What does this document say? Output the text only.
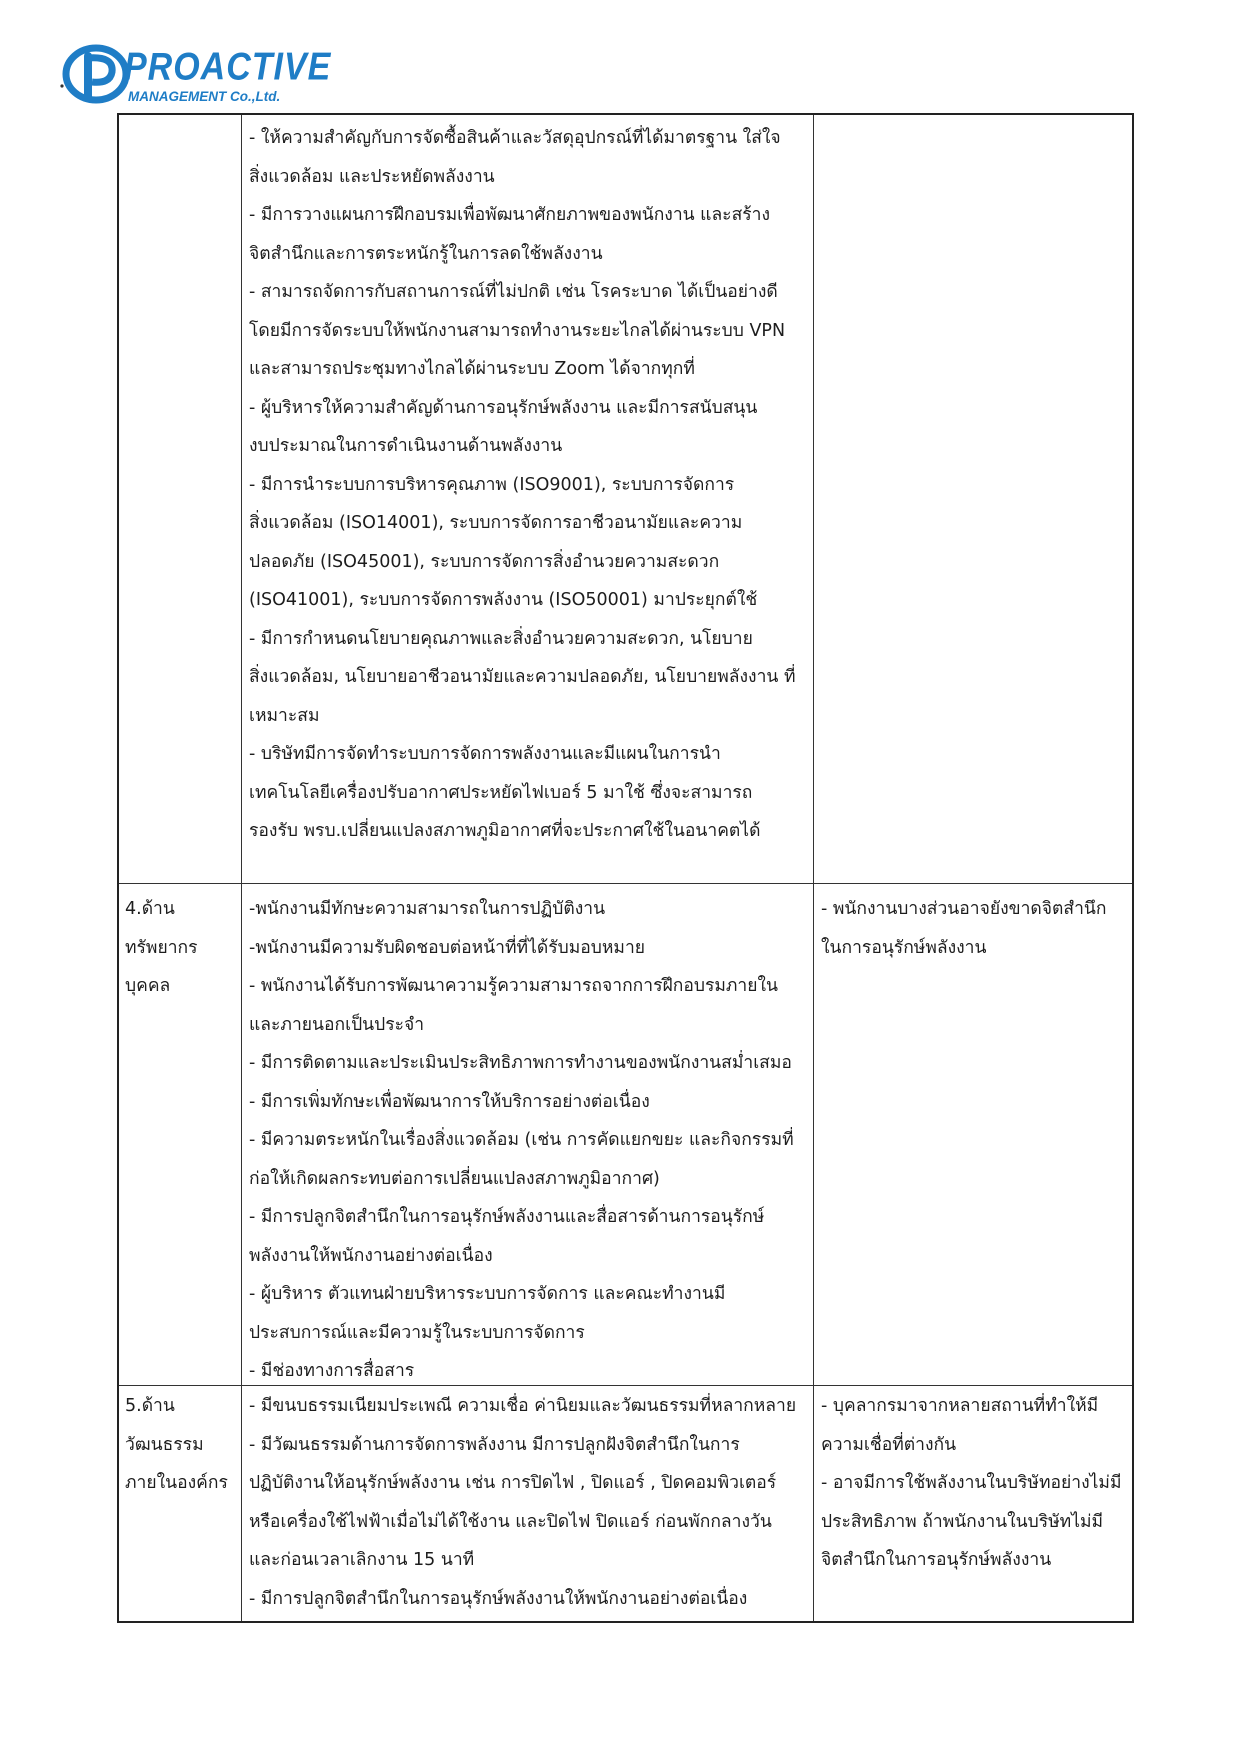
PROACTIVE
MANAGEMENT Co.,Ltd.

- ให้ความสำคัญกับการจัดซื้อสินค้าและวัสดุอุปกรณ์ที่ได้มาตรฐาน ใส่ใจ

สิ่งแวดล้อม และประหยัดพลังงาน

- มีการวางแผนการฝึกอบรมเพื่อพัฒนาศักยภาพของพนักงาน และสร้าง

จิตสำนึกและการตระหนักรู้ในการลดใช้พลังงาน

- สามารถจัดการกับสถานการณ์ที่ไม่ปกติ เช่น โรคระบาด ได้เป็นอย่างดี

โดยมีการจัดระบบให้พนักงานสามารถทำงานระยะไกลได้ผ่านระบบ VPN

และสามารถประชุมทางไกลได้ผ่านระบบ Zoom ได้จากทุกที่

- ผู้บริหารให้ความสำคัญด้านการอนุรักษ์พลังงาน และมีการสนับสนุน

งบประมาณในการดำเนินงานด้านพลังงาน

- มีการนำระบบการบริหารคุณภาพ (ISO9001), ระบบการจัดการ

สิ่งแวดล้อม (ISO14001), ระบบการจัดการอาชีวอนามัยและความ

ปลอดภัย (ISO45001), ระบบการจัดการสิ่งอำนวยความสะดวก

(ISO41001), ระบบการจัดการพลังงาน (ISO50001) มาประยุกต์ใช้

- มีการกำหนดนโยบายคุณภาพและสิ่งอำนวยความสะดวก, นโยบาย

สิ่งแวดล้อม, นโยบายอาชีวอนามัยและความปลอดภัย, นโยบายพลังงาน ที่

เหมาะสม

- บริษัทมีการจัดทำระบบการจัดการพลังงานและมีแผนในการนำ

เทคโนโลยีเครื่องปรับอากาศประหยัดไฟเบอร์ 5 มาใช้ ซึ่งจะสามารถ

รองรับ พรบ.เปลี่ยนแปลงสภาพภูมิอากาศที่จะประกาศใช้ในอนาคตได้

4.ด้าน

ทรัพยากร

บุคคล

-พนักงานมีทักษะความสามารถในการปฏิบัติงาน

-พนักงานมีความรับผิดชอบต่อหน้าที่ที่ได้รับมอบหมาย

- พนักงานได้รับการพัฒนาความรู้ความสามารถจากการฝึกอบรมภายใน

และภายนอกเป็นประจำ

- มีการติดตามและประเมินประสิทธิภาพการทำงานของพนักงานสม่ำเสมอ

- มีการเพิ่มทักษะเพื่อพัฒนาการให้บริการอย่างต่อเนื่อง

- มีความตระหนักในเรื่องสิ่งแวดล้อม (เช่น การคัดแยกขยะ และกิจกรรมที่

ก่อให้เกิดผลกระทบต่อการเปลี่ยนแปลงสภาพภูมิอากาศ)

- มีการปลูกจิตสำนึกในการอนุรักษ์พลังงานและสื่อสารด้านการอนุรักษ์

พลังงานให้พนักงานอย่างต่อเนื่อง

- ผู้บริหาร ตัวแทนฝ่ายบริหารระบบการจัดการ และคณะทำงานมี

ประสบการณ์และมีความรู้ในระบบการจัดการ

- มีช่องทางการสื่อสาร

- พนักงานบางส่วนอาจยังขาดจิตสำนึก

ในการอนุรักษ์พลังงาน

5.ด้าน

วัฒนธรรม

ภายในองค์กร

- มีขนบธรรมเนียมประเพณี ความเชื่อ ค่านิยมและวัฒนธรรมที่หลากหลาย

- มีวัฒนธรรมด้านการจัดการพลังงาน มีการปลูกฝังจิตสำนึกในการ

ปฏิบัติงานให้อนุรักษ์พลังงาน เช่น การปิดไฟ , ปิดแอร์ , ปิดคอมพิวเตอร์

หรือเครื่องใช้ไฟฟ้าเมื่อไม่ได้ใช้งาน และปิดไฟ ปิดแอร์ ก่อนพักกลางวัน

และก่อนเวลาเลิกงาน 15 นาที

- มีการปลูกจิตสำนึกในการอนุรักษ์พลังงานให้พนักงานอย่างต่อเนื่อง

- บุคลากรมาจากหลายสถานที่ทำให้มี

ความเชื่อที่ต่างกัน

- อาจมีการใช้พลังงานในบริษัทอย่างไม่มี

ประสิทธิภาพ ถ้าพนักงานในบริษัทไม่มี

จิตสำนึกในการอนุรักษ์พลังงาน
